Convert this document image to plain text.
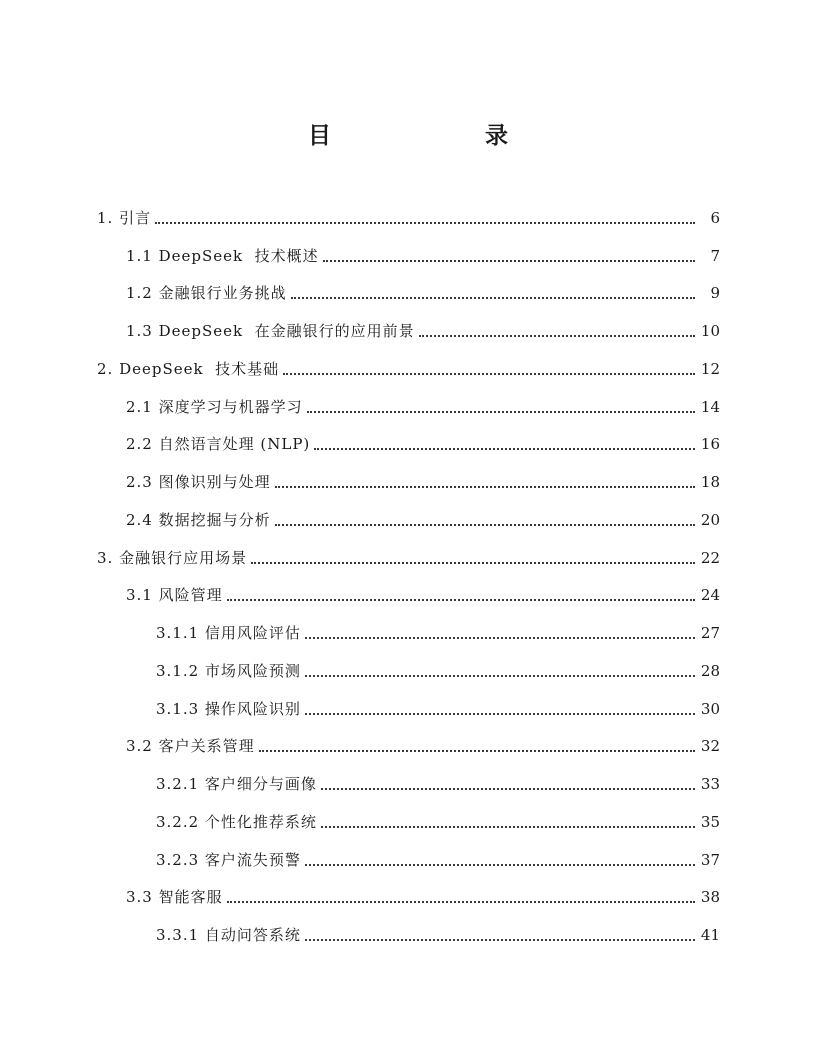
目　　录
1. 引言	6
1.1 DeepSeek  技术概述	7
1.2 金融银行业务挑战	9
1.3 DeepSeek  在金融银行的应用前景	10
2. DeepSeek  技术基础	12
2.1 深度学习与机器学习	14
2.2 自然语言处理 (NLP)	16
2.3 图像识别与处理	18
2.4 数据挖掘与分析	20
3. 金融银行应用场景	22
3.1 风险管理	24
3.1.1 信用风险评估	27
3.1.2 市场风险预测	28
3.1.3 操作风险识别	30
3.2 客户关系管理	32
3.2.1 客户细分与画像	33
3.2.2 个性化推荐系统	35
3.2.3 客户流失预警	37
3.3 智能客服	38
3.3.1 自动问答系统	41
